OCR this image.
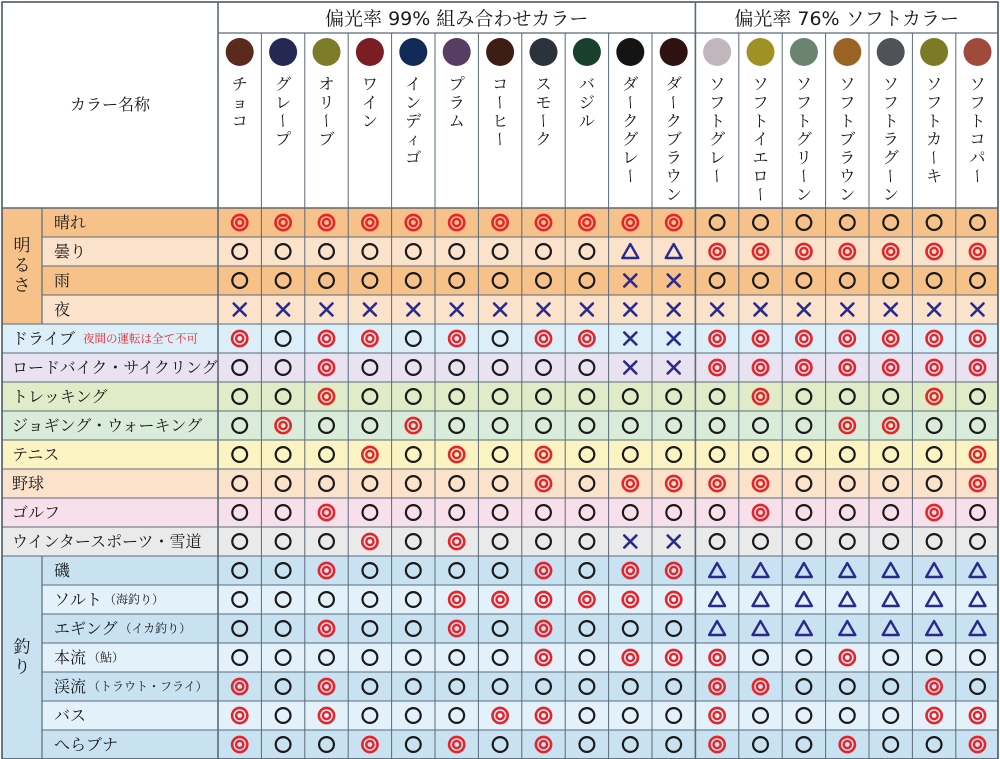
偏光率 99% 組み合わせカラー	偏光率 76% ソフトカラー
カラー名称
チ
ョ
コ
グ
レ
ー
プ
オ
リ
ー
ブ
ワ
イ
ン
イ
ン
デ
ィ
ゴ
プ
ラ
ム
コ
ー
ヒ
ー
ス
モ
ー
ク
バ
ジ
ル
ダ
ー
ク
グ
レ
ー
ダ
ー
ク
ブ
ラ
ウ
ン
ソ
フ
ト
グ
レ
ー
ソ
フ
ト
イ
エ
ロ
ー
ソ
フ
ト
グ
リ
ー
ン
ソ
フ
ト
ブ
ラ
ウ
ン
ソ
フ
ト
ラ
グ
ー
ン
ソ
フ
ト
カ
ー
キ
ソ
フ
ト
コ
パ
ー
晴れ
曇り
雨
夜
ドライブ 夜間の運転は全て不可
ロードバイク・サイクリング
トレッキング
ジョギング・ウォーキング
テニス
野球
ゴルフ
ウインタースポーツ・雪道
磯
ソルト （海釣り）
エギング （イカ釣り）
本流 （鮎）
渓流 （トラウト・フライ）
バス
へらブナ
明
る
さ
釣
り
